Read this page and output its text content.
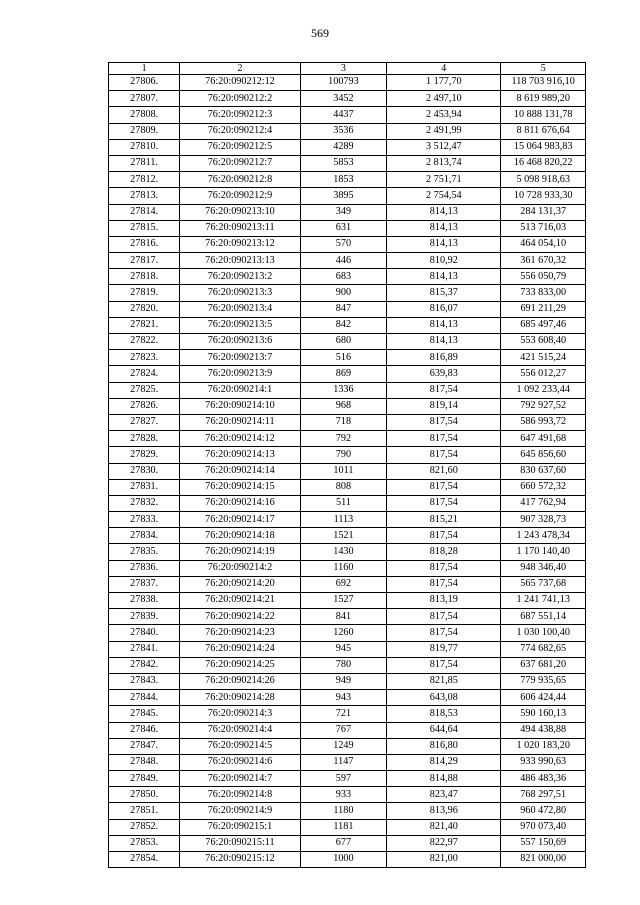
569
1	2	3	4	5
27806.	76:20:090212:12	100793	1 177,70	118 703 916,10
27807.	76:20:090212:2	3452	2 497,10	8 619 989,20
27808.	76:20:090212:3	4437	2 453,94	10 888 131,78
27809.	76:20:090212:4	3536	2 491,99	8 811 676,64
27810.	76:20:090212:5	4289	3 512,47	15 064 983,83
27811.	76:20:090212:7	5853	2 813,74	16 468 820,22
27812.	76:20:090212:8	1853	2 751,71	5 098 918,63
27813.	76:20:090212:9	3895	2 754,54	10 728 933,30
27814.	76:20:090213:10	349	814,13	284 131,37
27815.	76:20:090213:11	631	814,13	513 716,03
27816.	76:20:090213:12	570	814,13	464 054,10
27817.	76:20:090213:13	446	810,92	361 670,32
27818.	76:20:090213:2	683	814,13	556 050,79
27819.	76:20:090213:3	900	815,37	733 833,00
27820.	76:20:090213:4	847	816,07	691 211,29
27821.	76:20:090213:5	842	814,13	685 497,46
27822.	76:20:090213:6	680	814,13	553 608,40
27823.	76:20:090213:7	516	816,89	421 515,24
27824.	76:20:090213:9	869	639,83	556 012,27
27825.	76:20:090214:1	1336	817,54	1 092 233,44
27826.	76:20:090214:10	968	819,14	792 927,52
27827.	76:20:090214:11	718	817,54	586 993,72
27828.	76:20:090214:12	792	817,54	647 491,68
27829.	76:20:090214:13	790	817,54	645 856,60
27830.	76:20:090214:14	1011	821,60	830 637,60
27831.	76:20:090214:15	808	817,54	660 572,32
27832.	76:20:090214:16	511	817,54	417 762,94
27833.	76:20:090214:17	1113	815,21	907 328,73
27834.	76:20:090214:18	1521	817,54	1 243 478,34
27835.	76:20:090214:19	1430	818,28	1 170 140,40
27836.	76:20:090214:2	1160	817,54	948 346,40
27837.	76:20:090214:20	692	817,54	565 737,68
27838.	76:20:090214:21	1527	813,19	1 241 741,13
27839.	76:20:090214:22	841	817,54	687 551,14
27840.	76:20:090214:23	1260	817,54	1 030 100,40
27841.	76:20:090214:24	945	819,77	774 682,65
27842.	76:20:090214:25	780	817,54	637 681,20
27843.	76:20:090214:26	949	821,85	779 935,65
27844.	76:20:090214:28	943	643,08	606 424,44
27845.	76:20:090214:3	721	818,53	590 160,13
27846.	76:20:090214:4	767	644,64	494 438,88
27847.	76:20:090214:5	1249	816,80	1 020 183,20
27848.	76:20:090214:6	1147	814,29	933 990,63
27849.	76:20:090214:7	597	814,88	486 483,36
27850.	76:20:090214:8	933	823,47	768 297,51
27851.	76:20:090214:9	1180	813,96	960 472,80
27852.	76:20:090215:1	1181	821,40	970 073,40
27853.	76:20:090215:11	677	822,97	557 150,69
27854.	76:20:090215:12	1000	821,00	821 000,00
